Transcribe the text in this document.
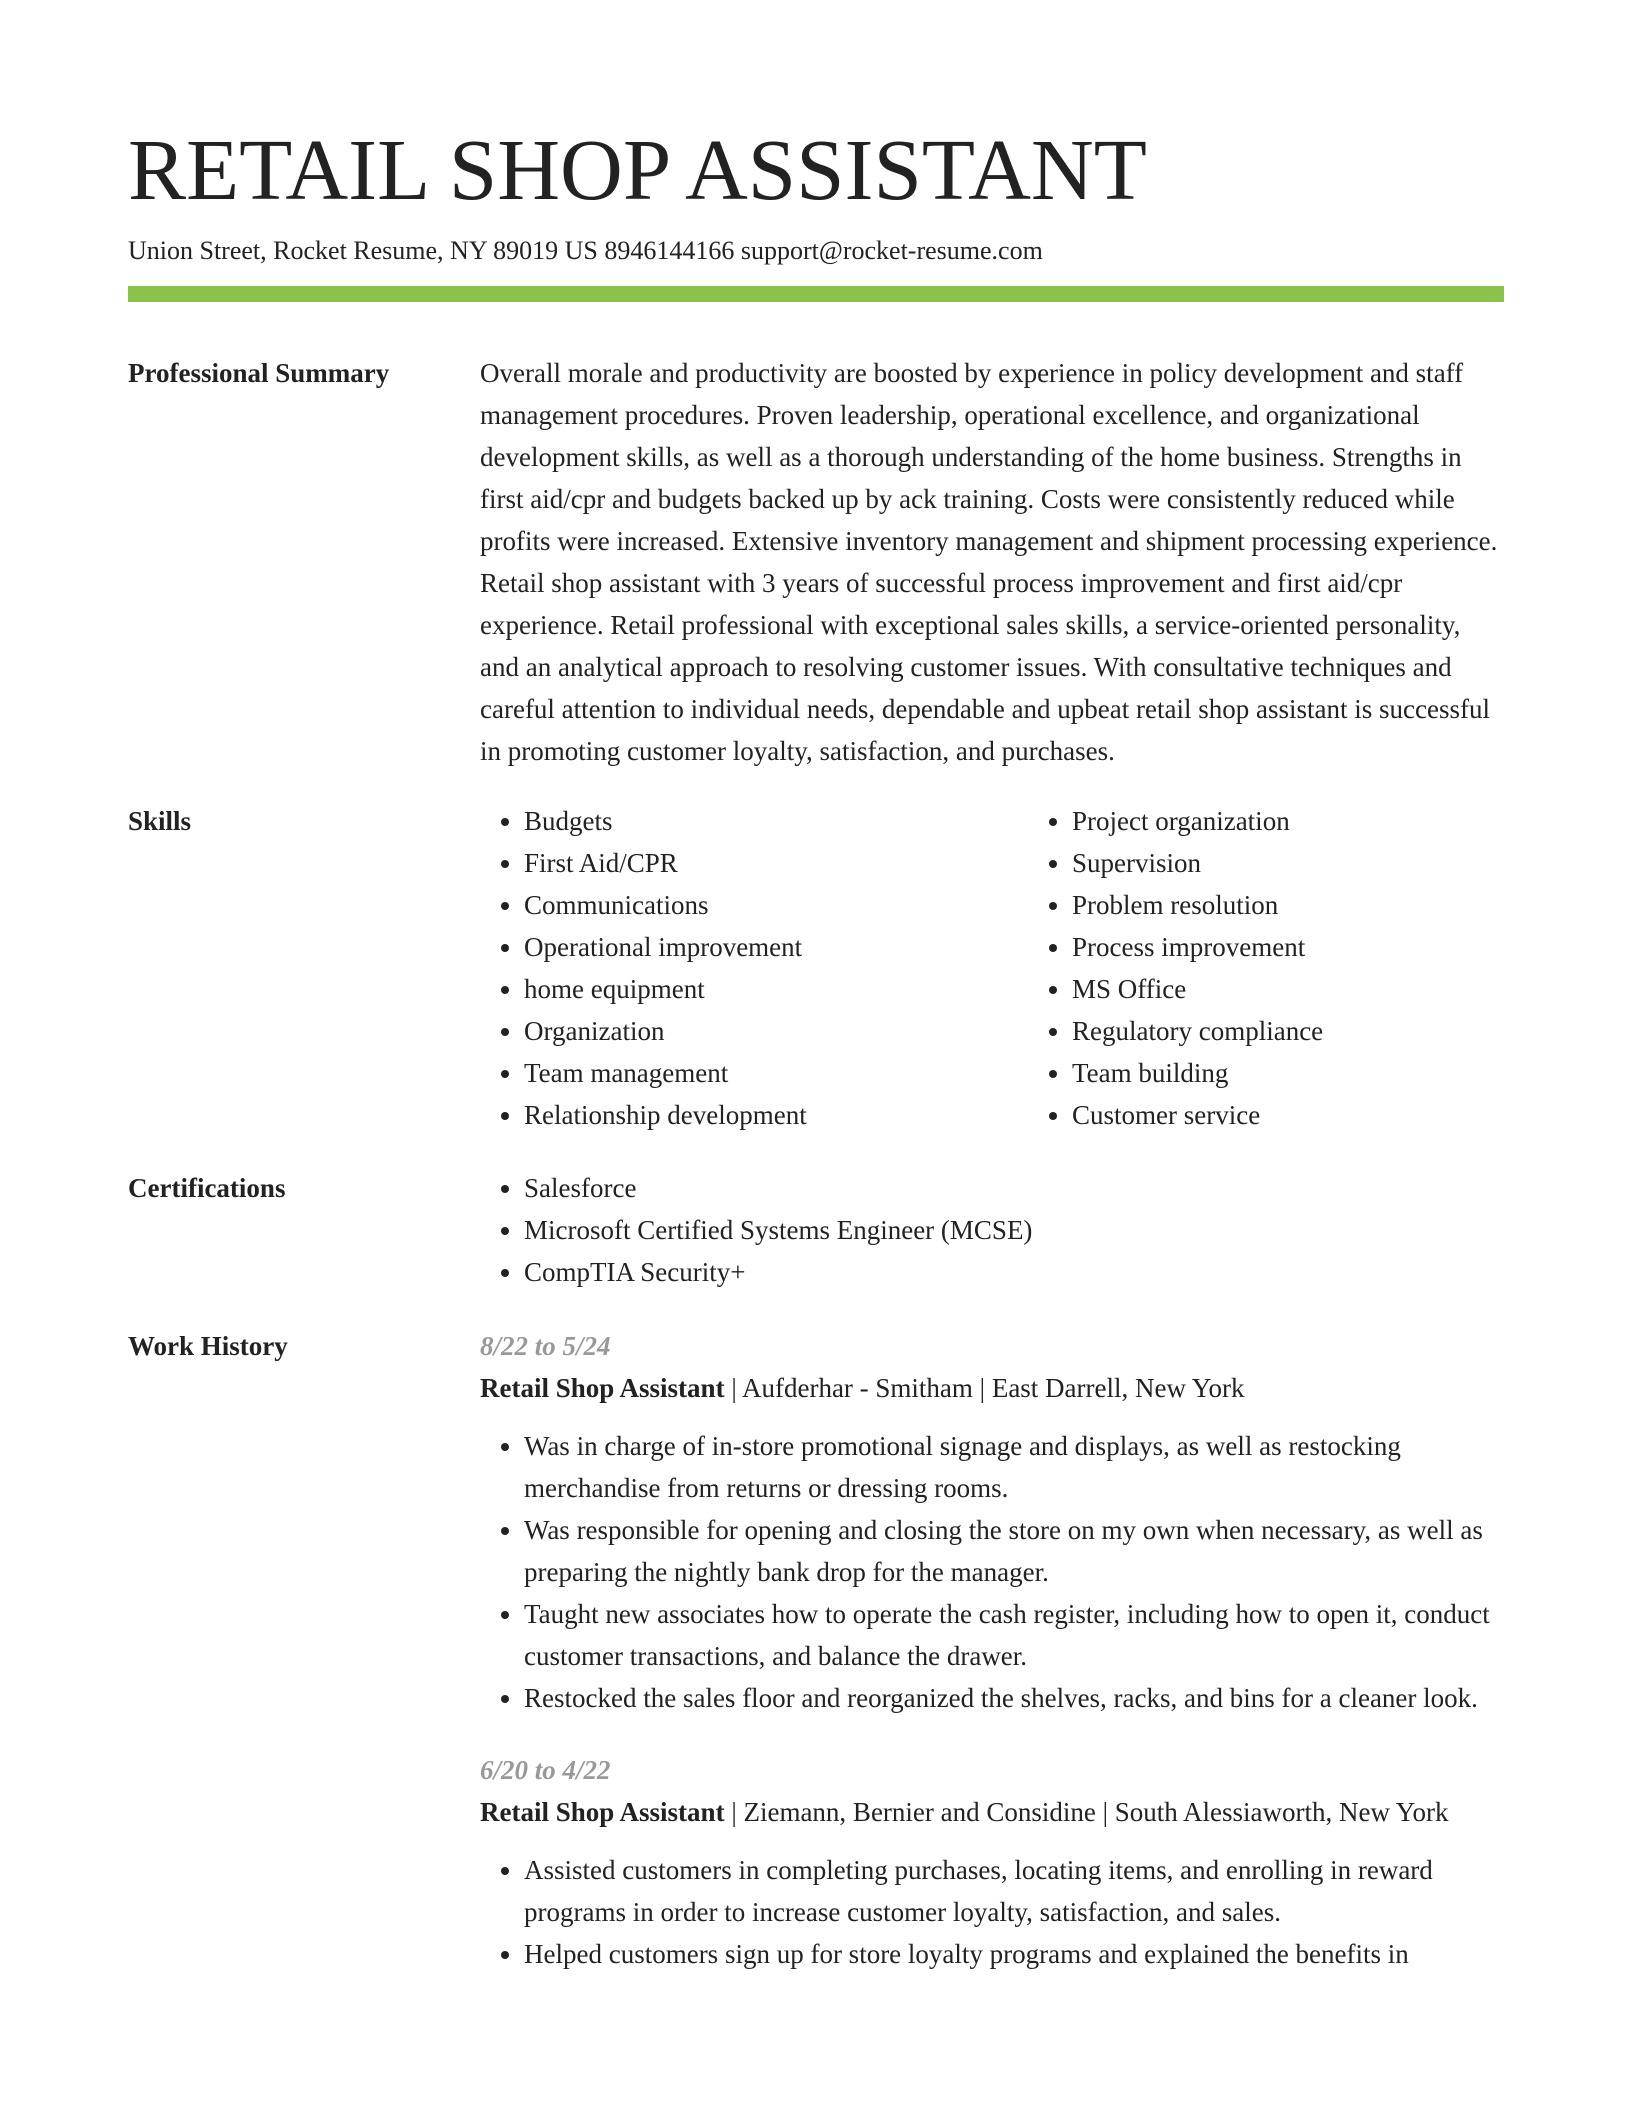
RETAIL SHOP ASSISTANT
Union Street, Rocket Resume, NY 89019 US 8946144166 support@rocket-resume.com
Professional Summary	Overall morale and productivity are boosted by experience in policy development and staff management procedures. Proven leadership, operational excellence, and organizational development skills, as well as a thorough understanding of the home business. Strengths in first aid/cpr and budgets backed up by ack training. Costs were consistently reduced while profits were increased. Extensive inventory management and shipment processing experience. Retail shop assistant with 3 years of successful process improvement and first aid/cpr experience. Retail professional with exceptional sales skills, a service-oriented personality, and an analytical approach to resolving customer issues. With consultative techniques and careful attention to individual needs, dependable and upbeat retail shop assistant is successful in promoting customer loyalty, satisfaction, and purchases.

Skills	• Budgets
• First Aid/CPR
• Communications
• Operational improvement
• home equipment
• Organization
• Team management
• Relationship development
• Project organization
• Supervision
• Problem resolution
• Process improvement
• MS Office
• Regulatory compliance
• Team building
• Customer service
Certifications	• Salesforce
• Microsoft Certified Systems Engineer (MCSE)
• CompTIA Security+
Work History	8/22 to 5/24
Retail Shop Assistant | Aufderhar - Smitham | East Darrell, New York
• Was in charge of in-store promotional signage and displays, as well as restocking merchandise from returns or dressing rooms.
• Was responsible for opening and closing the store on my own when necessary, as well as preparing the nightly bank drop for the manager.
• Taught new associates how to operate the cash register, including how to open it, conduct customer transactions, and balance the drawer.
• Restocked the sales floor and reorganized the shelves, racks, and bins for a cleaner look.
6/20 to 4/22
Retail Shop Assistant | Ziemann, Bernier and Considine | South Alessiaworth, New York
• Assisted customers in completing purchases, locating items, and enrolling in reward programs in order to increase customer loyalty, satisfaction, and sales.
• Helped customers sign up for store loyalty programs and explained the benefits in
